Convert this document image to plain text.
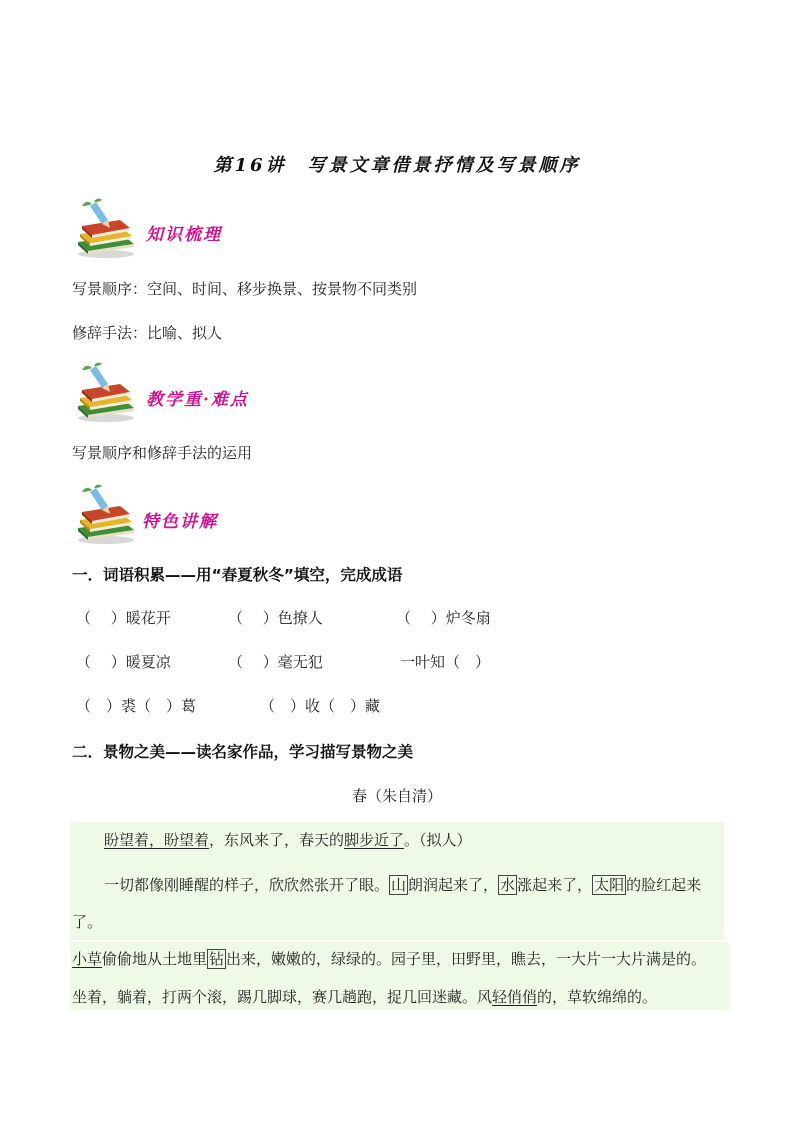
第16讲　写景文章借景抒情及写景顺序
知识梳理
写景顺序：空间、时间、移步换景、按景物不同类别
修辞手法：比喻、拟人
教学重·难点
写景顺序和修辞手法的运用
特色讲解
一．词语积累——用“春夏秋冬”填空，完成成语
（　 ）暖花开	（　 ）色撩人	（　 ）炉冬扇
（　 ）暖夏凉	（　 ）毫无犯	一叶知（　）
（　）裘（　）葛	（　）收（　）藏
二．景物之美——读名家作品，学习描写景物之美
春（朱自清）
盼望着，盼望着，东风来了，春天的脚步近了。（拟人）
一切都像刚睡醒的样子，欣欣然张开了眼。 山 朗润起来了， 水 涨起来了， 太阳 的脸红起来
了。
小草偷偷地从土地里 钻 出来，嫩嫩的，绿绿的。园子里，田野里，瞧去，一大片一大片满是的。
坐着，躺着，打两个滚，踢几脚球，赛几趟跑，捉几回迷藏。风轻俏俏的，草软绵绵的。
